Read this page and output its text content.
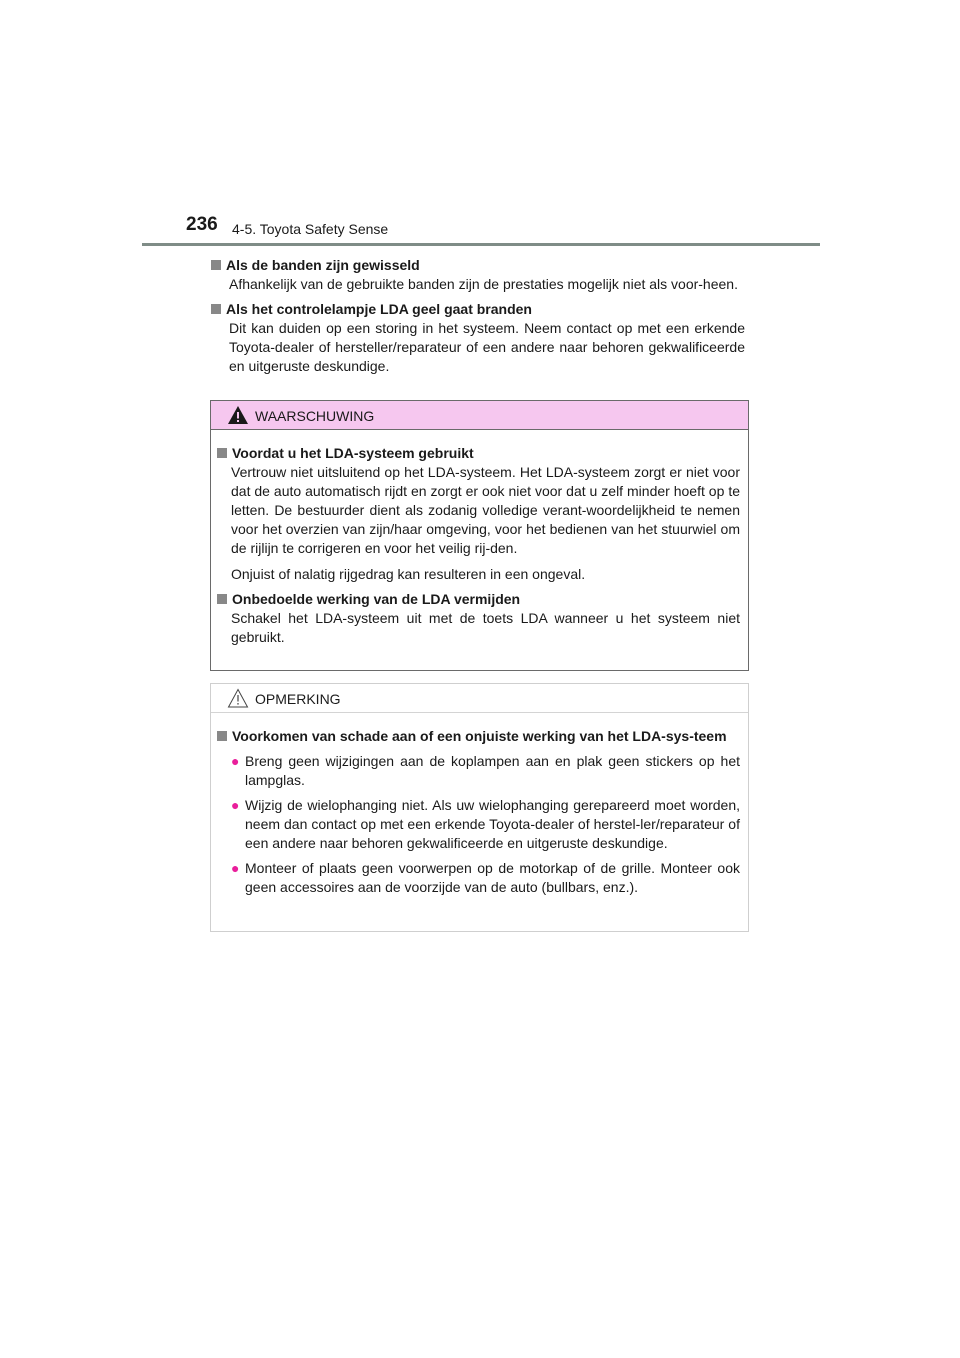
236 4-5. Toyota Safety Sense
Als de banden zijn gewisseld
Afhankelijk van de gebruikte banden zijn de prestaties mogelijk niet als voor-heen.
Als het controlelampje LDA geel gaat branden
Dit kan duiden op een storing in het systeem. Neem contact op met een erkende Toyota-dealer of hersteller/reparateur of een andere naar behoren gekwalificeerde en uitgeruste deskundige.
WAARSCHUWING
Voordat u het LDA-systeem gebruikt

Vertrouw niet uitsluitend op het LDA-systeem. Het LDA-systeem zorgt er niet voor dat de auto automatisch rijdt en zorgt er ook niet voor dat u zelf minder hoeft op te letten. De bestuurder dient als zodanig volledige verant-woordelijkheid te nemen voor het overzien van zijn/haar omgeving, voor het bedienen van het stuurwiel om de rijlijn te corrigeren en voor het veilig rij-den.

Onjuist of nalatig rijgedrag kan resulteren in een ongeval.

Onbedoelde werking van de LDA vermijden

Schakel het LDA-systeem uit met de toets LDA wanneer u het systeem niet gebruikt.

OPMERKING
Voorkomen van schade aan of een onjuiste werking van het LDA-sys-teem
● Breng geen wijzigingen aan de koplampen aan en plak geen stickers op het lampglas.
● Wijzig de wielophanging niet. Als uw wielophanging gerepareerd moet worden, neem dan contact op met een erkende Toyota-dealer of herstel-ler/reparateur of een andere naar behoren gekwalificeerde en uitgeruste deskundige.
● Monteer of plaats geen voorwerpen op de motorkap of de grille. Monteer ook geen accessoires aan de voorzijde van de auto (bullbars, enz.).
